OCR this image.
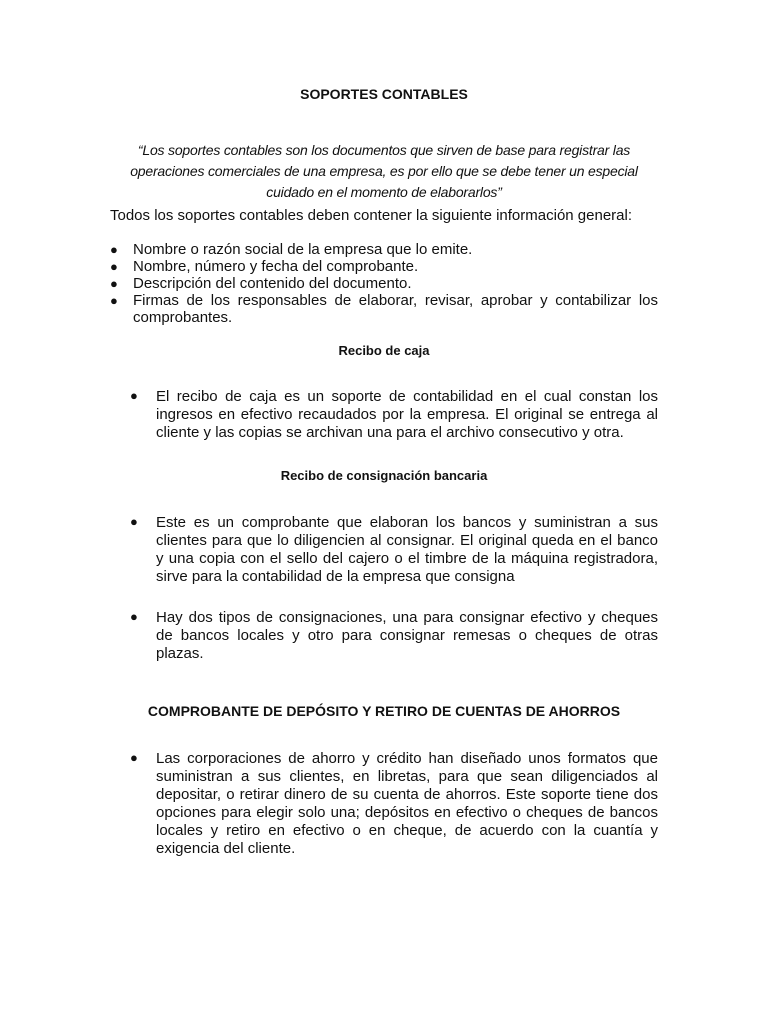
SOPORTES CONTABLES
“Los soportes contables son los documentos que sirven de base para registrar las operaciones comerciales de una empresa, es por ello que se debe tener un especial cuidado en el momento de elaborarlos”
Todos los soportes contables deben contener la siguiente información general:
● Nombre o razón social de la empresa que lo emite.
● Nombre, número y fecha del comprobante.
● Descripción del contenido del documento.
● Firmas de los responsables de elaborar, revisar, aprobar y contabilizar los comprobantes.
Recibo de caja
● El recibo de caja es un soporte de contabilidad en el cual constan los ingresos en efectivo recaudados por la empresa. El original se entrega al cliente y las copias se archivan una para el archivo consecutivo y otra.
Recibo de consignación bancaria
● Este es un comprobante que elaboran los bancos y suministran a sus clientes para que lo diligencien al consignar. El original queda en el banco y una copia con el sello del cajero o el timbre de la máquina registradora, sirve para la contabilidad de la empresa que consigna
● Hay dos tipos de consignaciones, una para consignar efectivo y cheques de bancos locales y otro para consignar remesas o cheques de otras plazas.
COMPROBANTE DE DEPÓSITO Y RETIRO DE CUENTAS DE AHORROS
● Las corporaciones de ahorro y crédito han diseñado unos formatos que suministran a sus clientes, en libretas, para que sean diligenciados al depositar, o retirar dinero de su cuenta de ahorros. Este soporte tiene dos opciones para elegir solo una; depósitos en efectivo o cheques de bancos locales y retiro en efectivo o en cheque, de acuerdo con la cuantía y exigencia del cliente.
